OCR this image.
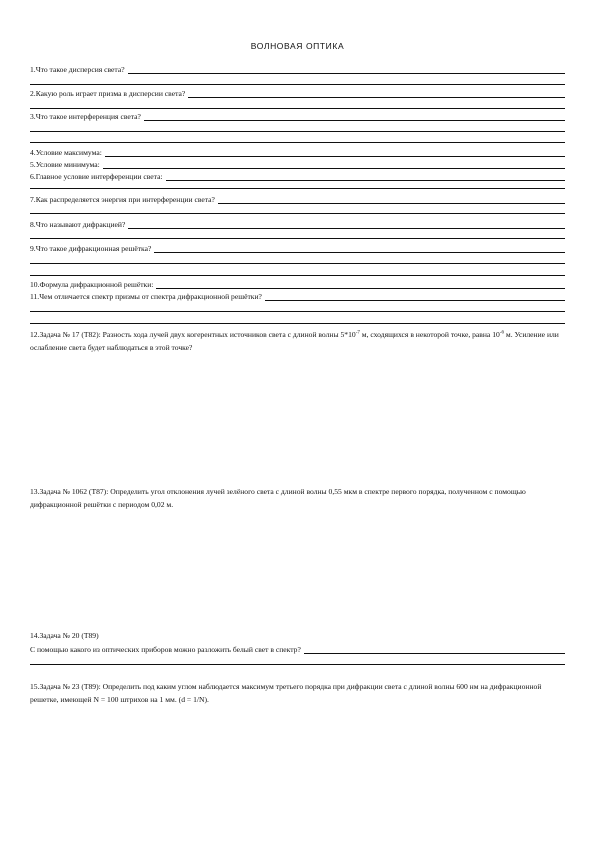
ВОЛНОВАЯ ОПТИКА
1.Что такое дисперсия света?
2.Какую роль играет призма в дисперсии света?
3.Что такое интерференция света?
4.Условие максимума:
5.Условие минимума:
6.Главное условие интерференции света:
7.Как распределяется энергия при интерференции света?
8.Что называют дифракцией?
9.Что такое дифракционная решётка?
10.Формула дифракционной решётки:
11.Чем отличается спектр призмы от спектра дифракционной решётки?
12.Задача № 17 (Т82): Разность хода лучей двух когерентных источников света с длиной волны $5*10^{-7}$ м, сходящихся в некоторой точке, равна $10^{-6}$ м. Усиление или ослабление света будет наблюдаться в этой точке?
13.Задача № 1062 (Т87): Определить угол отклонения лучей зелёного света с длиной волны 0,55 мкм в спектре первого порядка, полученном с помощью дифракционной решётки с периодом 0,02 м.
14.Задача № 20 (Т89)
С помощью какого из оптических приборов можно разложить белый свет в спектр?
15.Задача № 23 (Т89): Определить под каким углом наблюдается максимум третьего порядка при дифракции света с длиной волны 600 нм на дифракционной решетке, имеющей N = 100 штрихов на 1 мм. (d = 1/N).
